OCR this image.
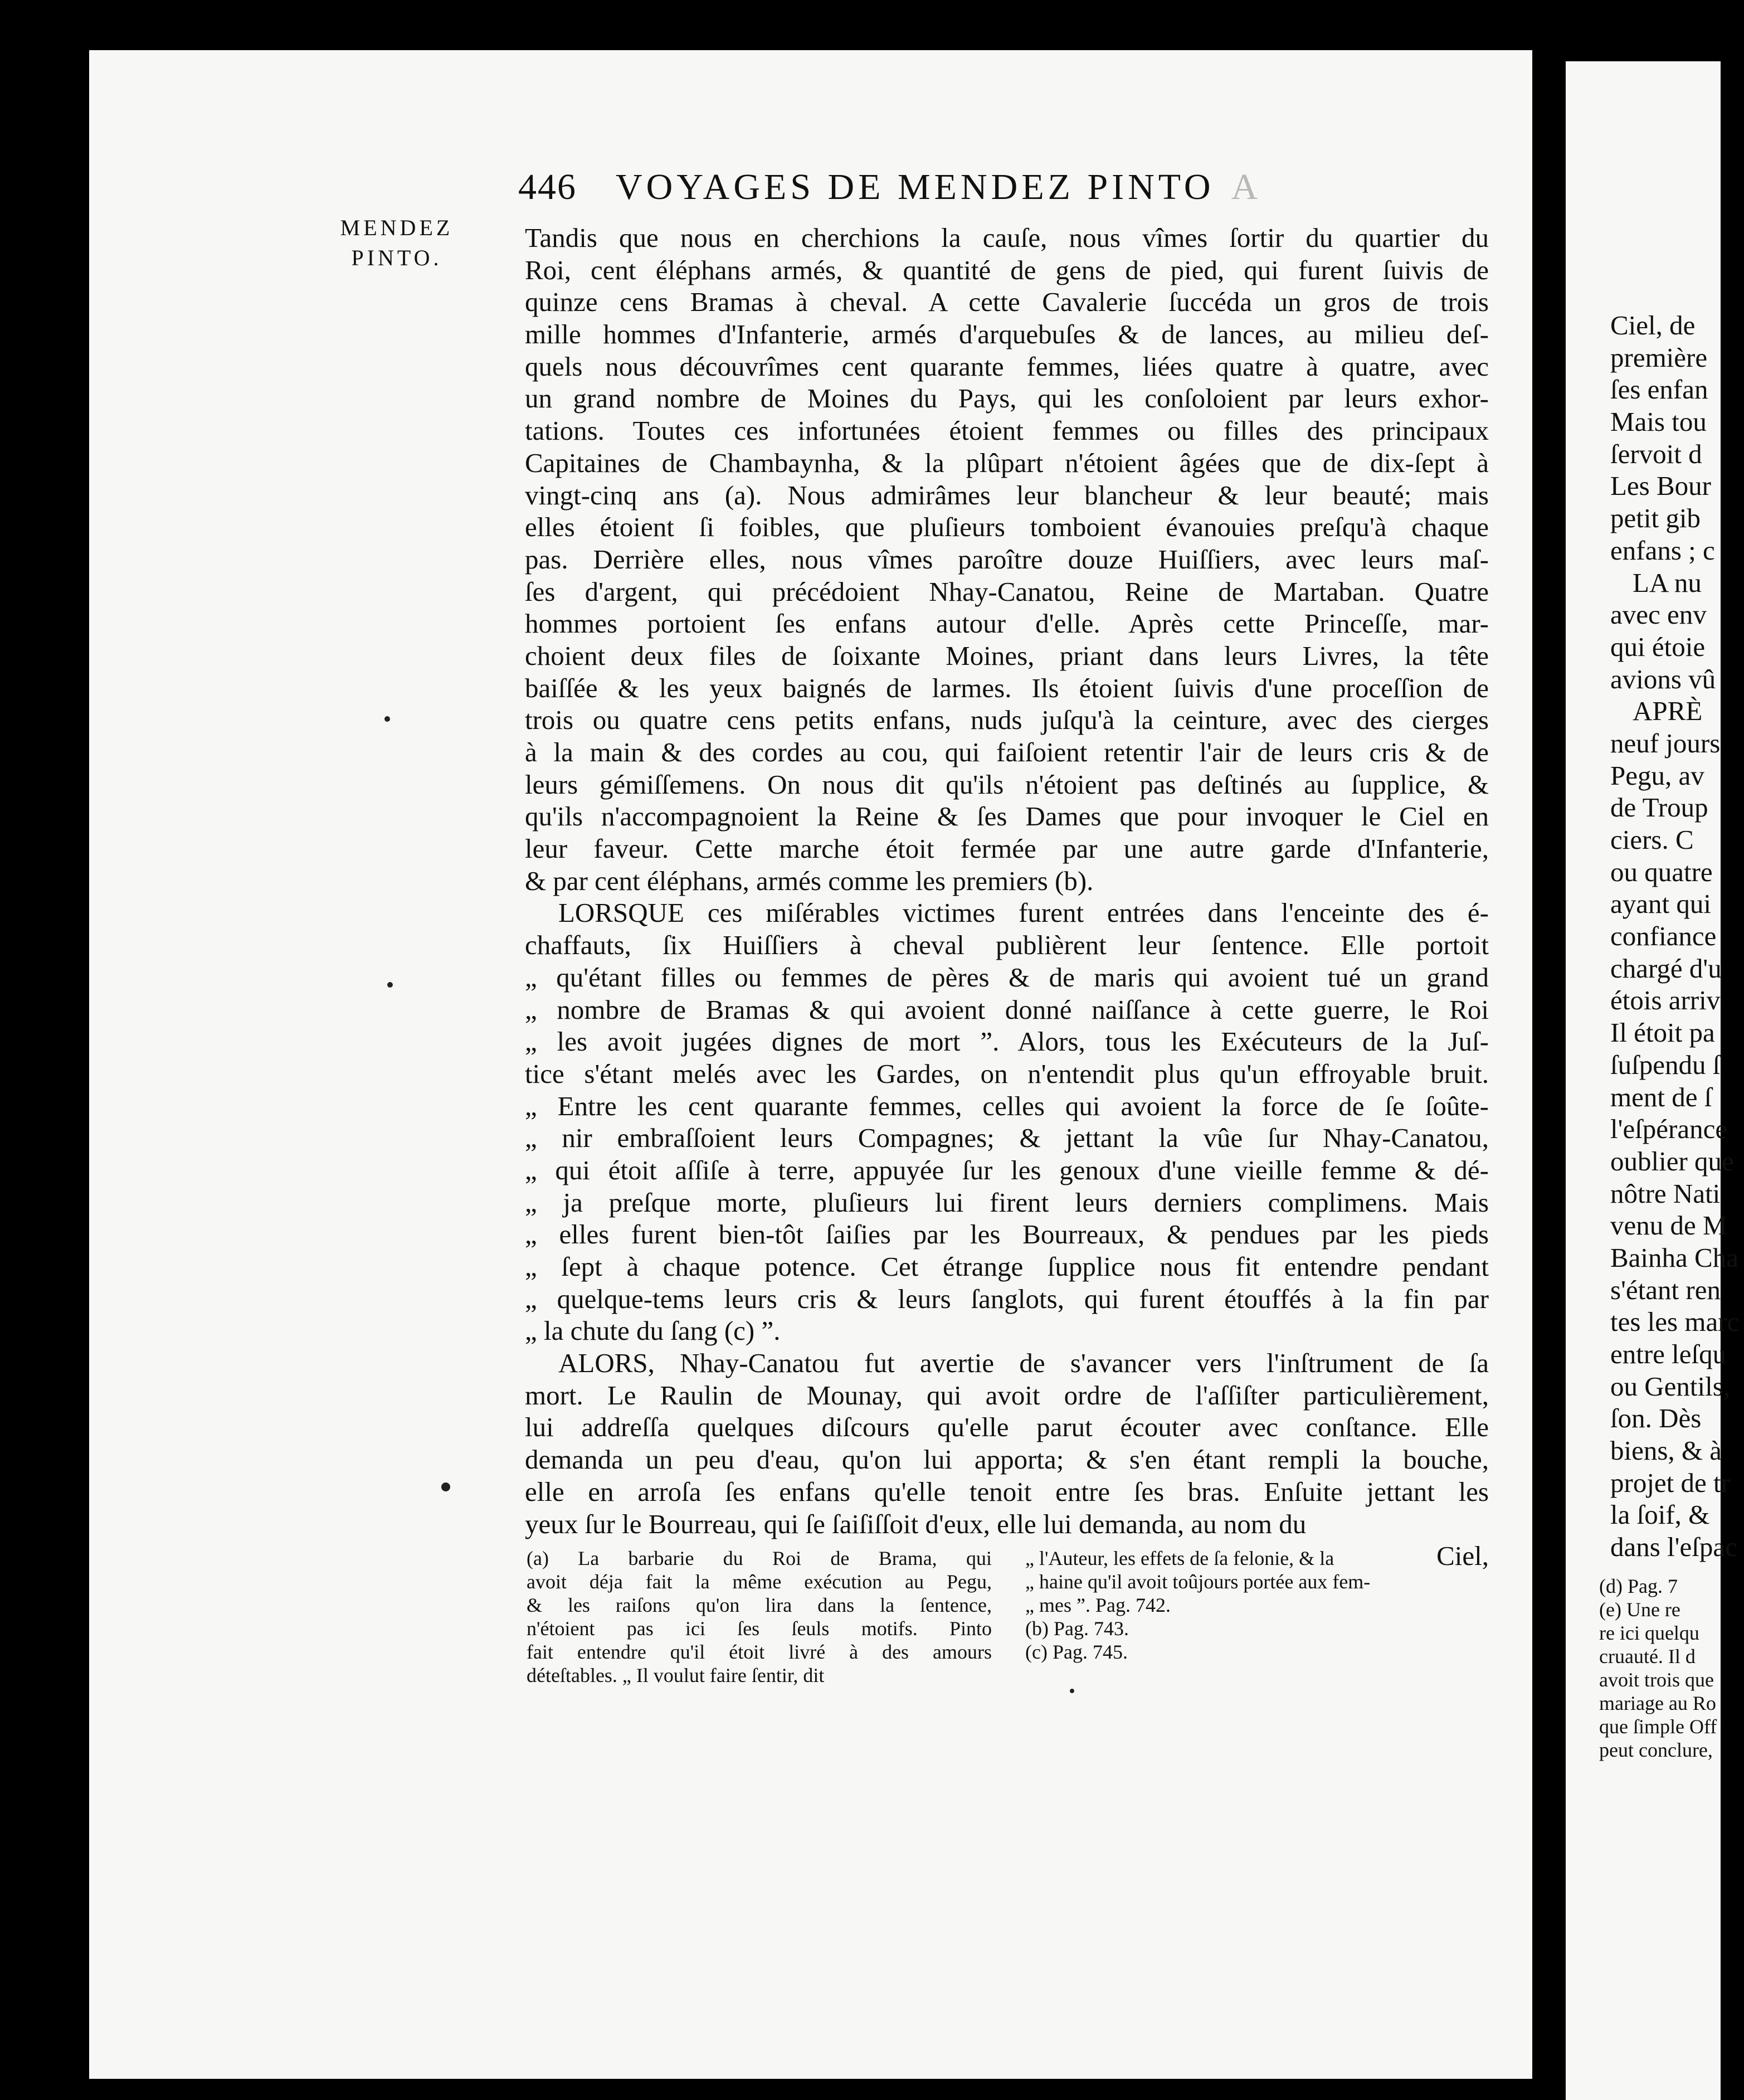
446 VOYAGES DE MENDEZ PINTO A
MENDEZ
PINTO.
Tandis que nous en cherchions la cauſe, nous vîmes ſortir du quartier du
Roi, cent éléphans armés, & quantité de gens de pied, qui furent ſuivis de
quinze cens Bramas à cheval. A cette Cavalerie ſuccéda un gros de trois
mille hommes d'Infanterie, armés d'arquebuſes & de lances, au milieu deſ-
quels nous découvrîmes cent quarante femmes, liées quatre à quatre, avec
un grand nombre de Moines du Pays, qui les conſoloient par leurs exhor-
tations. Toutes ces infortunées étoient femmes ou filles des principaux
Capitaines de Chambaynha, & la plûpart n'étoient âgées que de dix-ſept à
vingt-cinq ans (a). Nous admirâmes leur blancheur & leur beauté; mais
elles étoient ſi foibles, que pluſieurs tomboient évanouies preſqu'à chaque
pas. Derrière elles, nous vîmes paroître douze Huiſſiers, avec leurs maſ-
ſes d'argent, qui précédoient Nhay-Canatou, Reine de Martaban. Quatre
hommes portoient ſes enfans autour d'elle. Après cette Princeſſe, mar-
choient deux files de ſoixante Moines, priant dans leurs Livres, la tête
baiſſée & les yeux baignés de larmes. Ils étoient ſuivis d'une proceſſion de
trois ou quatre cens petits enfans, nuds juſqu'à la ceinture, avec des cierges
à la main & des cordes au cou, qui faiſoient retentir l'air de leurs cris & de
leurs gémiſſemens. On nous dit qu'ils n'étoient pas deſtinés au ſupplice, &
qu'ils n'accompagnoient la Reine & ſes Dames que pour invoquer le Ciel en
leur faveur. Cette marche étoit fermée par une autre garde d'Infanterie,
& par cent éléphans, armés comme les premiers (b).
LORSQUE ces miſérables victimes furent entrées dans l'enceinte des é-
chaffauts, ſix Huiſſiers à cheval publièrent leur ſentence. Elle portoit
„ qu'étant filles ou femmes de pères & de maris qui avoient tué un grand
„ nombre de Bramas & qui avoient donné naiſſance à cette guerre, le Roi
„ les avoit jugées dignes de mort ”. Alors, tous les Exécuteurs de la Juſ-
tice s'étant melés avec les Gardes, on n'entendit plus qu'un effroyable bruit.
„ Entre les cent quarante femmes, celles qui avoient la force de ſe ſoûte-
„ nir embraſſoient leurs Compagnes; & jettant la vûe ſur Nhay-Canatou,
„ qui étoit aſſiſe à terre, appuyée ſur les genoux d'une vieille femme & dé-
„ ja preſque morte, pluſieurs lui firent leurs derniers complimens. Mais
„ elles furent bien-tôt ſaiſies par les Bourreaux, & pendues par les pieds
„ ſept à chaque potence. Cet étrange ſupplice nous fit entendre pendant
„ quelque-tems leurs cris & leurs ſanglots, qui furent étouffés à la fin par
„ la chute du ſang (c) ”.
ALORS, Nhay-Canatou fut avertie de s'avancer vers l'inſtrument de ſa
mort. Le Raulin de Mounay, qui avoit ordre de l'aſſiſter particulièrement,
lui addreſſa quelques diſcours qu'elle parut écouter avec conſtance. Elle
demanda un peu d'eau, qu'on lui apporta; & s'en étant rempli la bouche,
elle en arroſa ſes enfans qu'elle tenoit entre ſes bras. Enſuite jettant les
yeux ſur le Bourreau, qui ſe ſaiſiſſoit d'eux, elle lui demanda, au nom du
Ciel,
(a) La barbarie du Roi de Brama, qui
avoit déja fait la même exécution au Pegu,
& les raiſons qu'on lira dans la ſentence,
n'étoient pas ici ſes ſeuls motifs. Pinto
fait entendre qu'il étoit livré à des amours
déteſtables. „ Il voulut faire ſentir, dit
„ l'Auteur, les effets de ſa felonie, & la
„ haine qu'il avoit toûjours portée aux fem-
„ mes ”. Pag. 742.
(b) Pag. 743.
(c) Pag. 745.
Ciel, de
première
ſes enfan
Mais tou
ſervoit d
Les Bour
petit gib
enfans ; c
LA nu
avec env
qui étoie
avions vû
APRÈ
neuf jours
Pegu, av
de Troup
ciers. C
ou quatre
ayant qui
confiance
chargé d'u
étois arriv
Il étoit pa
ſuſpendu ſ
ment de ſ
l'eſpérance
oublier que
nôtre Nati
venu de M
Bainha Cha
s'étant ren
tes les marc
entre leſqu
ou Gentils,
ſon. Dès
biens, & à
projet de tr
la ſoif, &
dans l'eſpac
(d) Pag. 7
(e) Une re
re ici quelqu
cruauté. Il d
avoit trois que
mariage au Ro
que ſimple Off
peut conclure,
